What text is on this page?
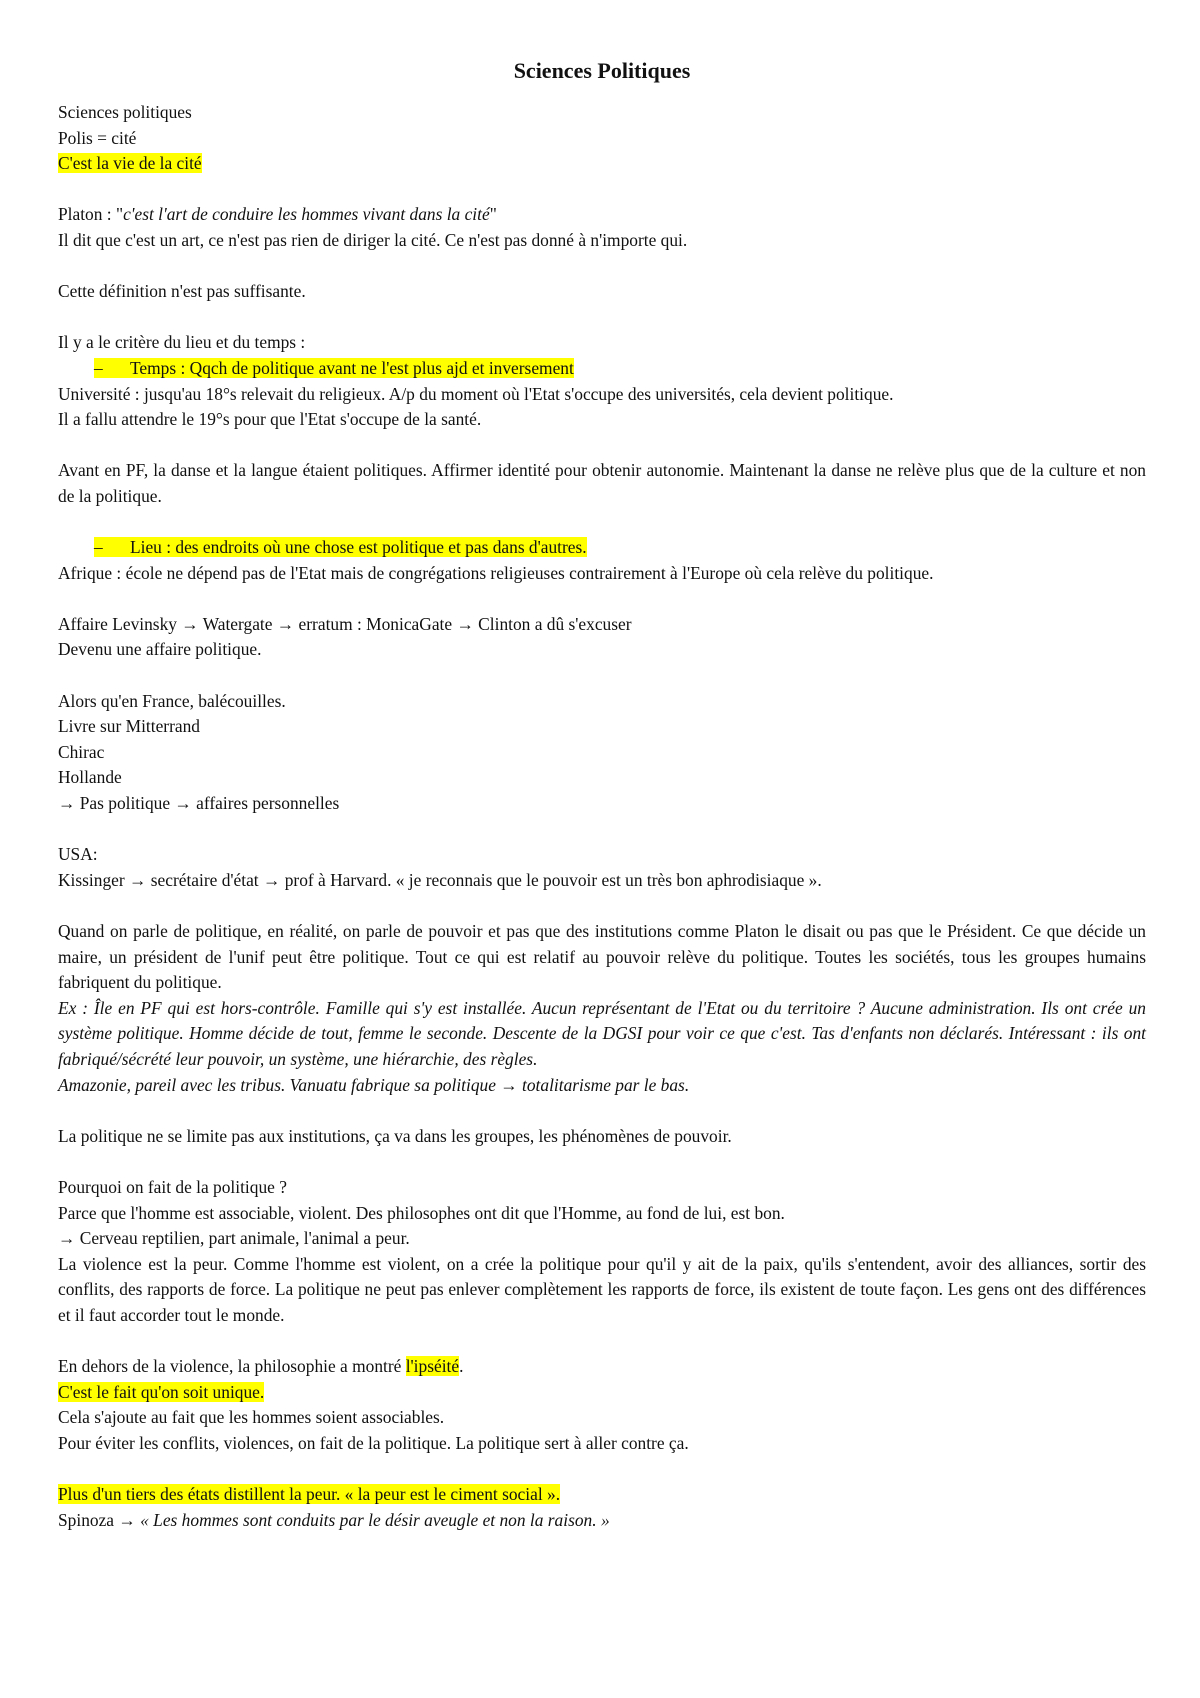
Sciences Politiques
Sciences politiques
Polis = cité
C'est la vie de la cité
Platon : "c'est l'art de conduire les hommes vivant dans la cité"
Il dit que c'est un art, ce n'est pas rien de diriger la cité. Ce n'est pas donné à n'importe qui.
Cette définition n'est pas suffisante.
Il y a le critère du lieu et du temps :
– Temps : Qqch de politique avant ne l'est plus ajd et inversement
Université : jusqu'au 18°s relevait du religieux. A/p du moment où l'Etat s'occupe des universités, cela devient politique.
Il a fallu attendre le 19°s pour que l'Etat s'occupe de la santé.
Avant en PF, la danse et la langue étaient politiques. Affirmer identité pour obtenir autonomie. Maintenant la danse ne relève plus que de la culture et non de la politique.
– Lieu : des endroits où une chose est politique et pas dans d'autres.
Afrique : école ne dépend pas de l'Etat mais de congrégations religieuses contrairement à l'Europe où cela relève du politique.
Affaire Levinsky → Watergate → erratum : MonicaGate → Clinton a dû s'excuser
Devenu une affaire politique.
Alors qu'en France, balécouilles.
Livre sur Mitterrand
Chirac
Hollande
→ Pas politique → affaires personnelles
USA:
Kissinger → secrétaire d'état → prof à Harvard. « je reconnais que le pouvoir est un très bon aphrodisiaque ».
Quand on parle de politique, en réalité, on parle de pouvoir et pas que des institutions comme Platon le disait ou pas que le Président. Ce que décide un maire, un président de l'unif peut être politique. Tout ce qui est relatif au pouvoir relève du politique. Toutes les sociétés, tous les groupes humains fabriquent du politique.
Ex : Île en PF qui est hors-contrôle. Famille qui s'y est installée. Aucun représentant de l'Etat ou du territoire ? Aucune administration. Ils ont crée un système politique. Homme décide de tout, femme le seconde. Descente de la DGSI pour voir ce que c'est. Tas d'enfants non déclarés. Intéressant : ils ont fabriqué/sécrété leur pouvoir, un système, une hiérarchie, des règles.
Amazonie, pareil avec les tribus. Vanuatu fabrique sa politique → totalitarisme par le bas.
La politique ne se limite pas aux institutions, ça va dans les groupes, les phénomènes de pouvoir.
Pourquoi on fait de la politique ?
Parce que l'homme est associable, violent. Des philosophes ont dit que l'Homme, au fond de lui, est bon.
→ Cerveau reptilien, part animale, l'animal a peur.
La violence est la peur. Comme l'homme est violent, on a crée la politique pour qu'il y ait de la paix, qu'ils s'entendent, avoir des alliances, sortir des conflits, des rapports de force. La politique ne peut pas enlever complètement les rapports de force, ils existent de toute façon. Les gens ont des différences et il faut accorder tout le monde.
En dehors de la violence, la philosophie a montré l'ipséité.
C'est le fait qu'on soit unique.
Cela s'ajoute au fait que les hommes soient associables.
Pour éviter les conflits, violences, on fait de la politique. La politique sert à aller contre ça.
Plus d'un tiers des états distillent la peur. « la peur est le ciment social ».
Spinoza → « Les hommes sont conduits par le désir aveugle et non la raison. »
